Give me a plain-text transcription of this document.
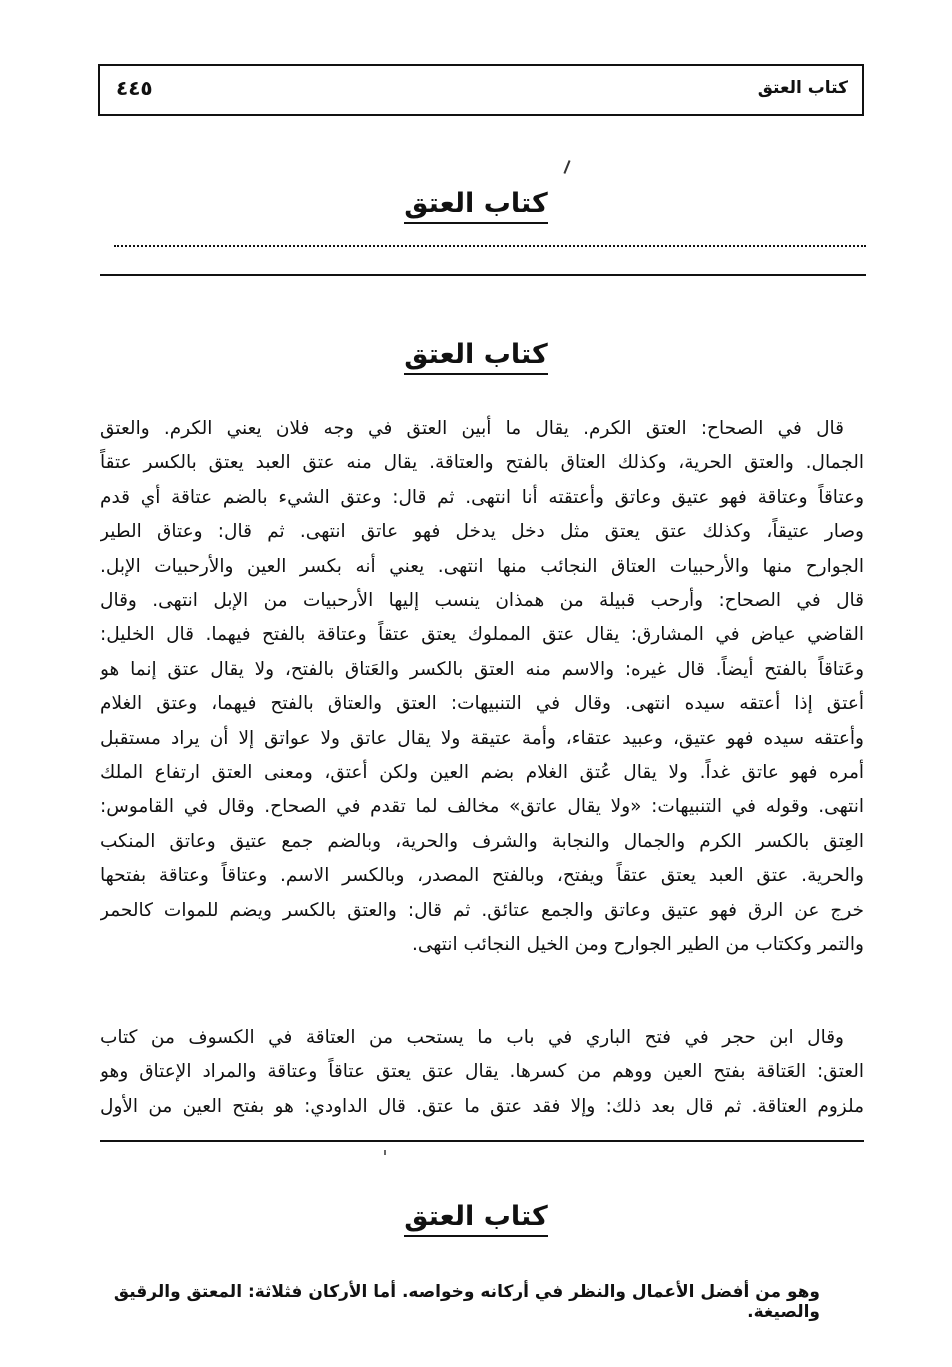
كتاب العتق
٤٤٥
كتاب العتق
كتاب العتق
قال في الصحاح: العتق الكرم. يقال ما أبين العتق في وجه فلان يعني الكرم. والعتق
الجمال. والعتق الحرية، وكذلك العتاق بالفتح والعتاقة. يقال منه عتق العبد يعتق بالكسر عتقاً
وعتاقاً وعتاقة فهو عتيق وعاتق وأعتقته أنا انتهى. ثم قال: وعتق الشيء بالضم عتاقة أي قدم
وصار عتيقاً، وكذلك عتق يعتق مثل دخل يدخل فهو عاتق انتهى. ثم قال: وعتاق الطير
الجوارح منها والأرحبيات العتاق النجائب منها انتهى. يعني أنه بكسر العين والأرحبيات الإبل.
قال في الصحاح: وأرحب قبيلة من همذان ينسب إليها الأرحبيات من الإبل انتهى. وقال
القاضي عياض في المشارق: يقال عتق المملوك يعتق عتقاً وعتاقة بالفتح فيهما. قال الخليل:
وعَتاقاً بالفتح أيضاً. قال غيره: والاسم منه العتق بالكسر والعَتاق بالفتح، ولا يقال عتق إنما هو
أعتق إذا أعتقه سيده انتهى. وقال في التنبيهات: العتق والعتاق بالفتح فيهما، وعتق الغلام
وأعتقه سيده فهو عتيق، وعبيد عتقاء، وأمة عتيقة ولا يقال عاتق ولا عواتق إلا أن يراد مستقبل
أمره فهو عاتق غداً. ولا يقال عُتق الغلام بضم العين ولكن أعتق، ومعنى العتق ارتفاع الملك
انتهى. وقوله في التنبيهات: «ولا يقال عاتق» مخالف لما تقدم في الصحاح. وقال في القاموس:
العِتق بالكسر الكرم والجمال والنجابة والشرف والحرية، وبالضم جمع عتيق وعاتق المنكب
والحرية. عتق العبد يعتق عتقاً ويفتح، وبالفتح المصدر، وبالكسر الاسم. وعتاقاً وعتاقة بفتحها
خرج عن الرق فهو عتيق وعاتق والجمع عتائق. ثم قال: والعتق بالكسر ويضم للموات كالحمر
والتمر وككتاب من الطير الجوارح ومن الخيل النجائب انتهى.
وقال ابن حجر في فتح الباري في باب ما يستحب من العتاقة في الكسوف من كتاب
العتق: العَتاقة بفتح العين ووهم من كسرها. يقال عتق يعتق عتاقاً وعتاقة والمراد الإعتاق وهو
ملزوم العتاقة. ثم قال بعد ذلك: وإلا فقد عتق ما عتق. قال الداودي: هو بفتح العين من الأول
كتاب العتق
وهو من أفضل الأعمال والنظر في أركانه وخواصه. أما الأركان فثلاثة: المعتق والرقيق والصيغة.
